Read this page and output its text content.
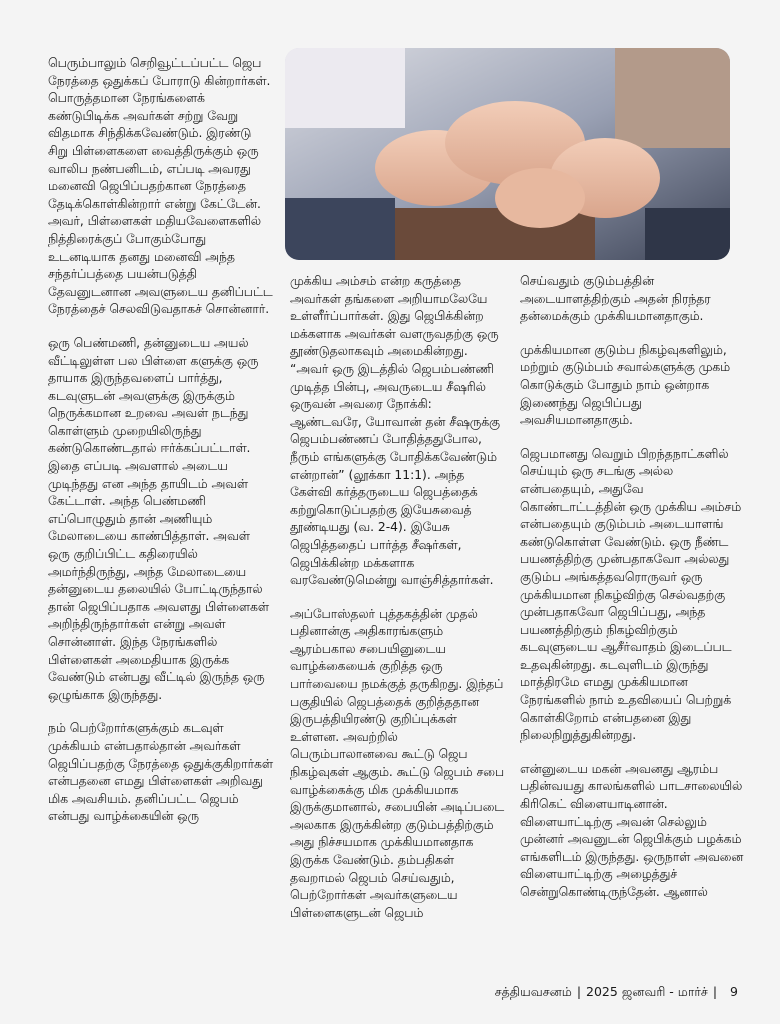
பெரும்பாலும் செறிவூட்டப்பட்ட ஜெப நேரத்தை ஒதுக்கப் போராடு கின்றார்கள். பொருத்தமான நேரங்களைக் கண்டுபிடிக்க அவர்கள் சற்று வேறு விதமாக சிந்திக்கவேண்டும். இரண்டு சிறு பிள்ளைகளை வைத்திருக்கும் ஒரு வாலிப நண்பனிடம், எப்படி அவரது மனைவி ஜெபிப்பதற்கான நேரத்தை தேடிக்கொள்கின்றார் என்று கேட்டேன். அவர், பிள்ளைகள் மதியவேளைகளில் நித்திரைக்குப் போகும்போது உடனடியாக தனது மனைவி அந்த சந்தர்ப்பத்தை பயன்படுத்தி தேவனுடனான அவளுடைய தனிப்பட்ட நேரத்தைச் செலவிடுவதாகச் சொன்னார்.

ஒரு பெண்மணி, தன்னுடைய அயல் வீட்டிலுள்ள பல பிள்ளை களுக்கு ஒரு தாயாக இருந்தவளைப் பார்த்து, கடவுளுடன் அவளுக்கு இருக்கும் நெருக்கமான உறவை அவள் நடந்து கொள்ளும் முறையிலிருந்து கண்டுகொண்டதால் ஈர்க்கப்பட்டாள். இதை எப்படி அவளால் அடைய முடிந்தது என அந்த தாயிடம் அவள் கேட்டாள். அந்த பெண்மணி எப்பொழுதும் தான் அணியும் மேலாடையை காண்பித்தாள். அவள் ஒரு குறிப்பிட்ட கதிரையில் அமர்ந்திருந்து, அந்த மேலாடையை தன்னுடைய தலையில் போட்டிருந்தால் தான் ஜெபிப்பதாக அவளது பிள்ளைகள் அறிந்திருந்தார்கள் என்று அவள் சொன்னாள். இந்த நேரங்களில் பிள்ளைகள் அமைதியாக இருக்க வேண்டும் என்பது வீட்டில் இருந்த ஒரு ஒழுங்காக இருந்தது.

நம் பெற்றோர்களுக்கும் கடவுள் முக்கியம் என்பதால்தான் அவர்கள் ஜெபிப்பதற்கு நேரத்தை ஒதுக்குகிறார்கள் என்பதனை எமது பிள்ளைகள் அறிவது மிக அவசியம். தனிப்பட்ட ஜெபம் என்பது வாழ்க்கையின் ஒரு

முக்கிய அம்சம் என்ற கருத்தை அவர்கள் தங்களை அறியாமலேயே உள்ளீர்ப்பார்கள். இது ஜெபிக்கின்ற மக்களாக அவர்கள் வளருவதற்கு ஒரு தூண்டுதலாகவும் அமைகின்றது. “அவர் ஒரு இடத்தில் ஜெபம்பண்ணி முடித்த பின்பு, அவருடைய சீஷரில் ஒருவன் அவரை நோக்கி: ஆண்டவரே, யோவான் தன் சீஷருக்கு ஜெபம்பண்ணப் போதித்ததுபோல, நீரும் எங்களுக்கு போதிக்கவேண்டும் என்றான்” (லூக்கா 11:1). அந்த கேள்வி கர்த்தருடைய ஜெபத்தைக் கற்றுகொடுப்பதற்கு இயேசுவைத் தூண்டியது (வ. 2-4). இயேசு ஜெபித்ததைப் பார்த்த சீஷர்கள், ஜெபிக்கின்ற மக்களாக வரவேண்டுமென்று வாஞ்சித்தார்கள்.

அப்போஸ்தலர் புத்தகத்தின் முதல் பதினான்கு அதிகாரங்களும் ஆரம்பகால சபையினுடைய வாழ்க்கையைக் குறித்த ஒரு பார்வையை நமக்குத் தருகிறது. இந்தப் பகுதியில் ஜெபத்தைக் குறித்ததான இருபத்தியிரண்டு குறிப்புக்கள் உள்ளன. அவற்றில் பெரும்பாலானவை கூட்டு ஜெப நிகழ்வுகள் ஆகும். கூட்டு ஜெபம் சபை வாழ்க்கைக்கு மிக முக்கியமாக இருக்குமானால், சபையின் அடிப்படை அலகாக இருக்கின்ற குடும்பத்திற்கும் அது நிச்சயமாக முக்கியமானதாக இருக்க வேண்டும். தம்பதிகள் தவறாமல் ஜெபம் செய்வதும், பெற்றோர்கள் அவர்களுடைய பிள்ளைகளுடன் ஜெபம்

செய்வதும் குடும்பத்தின் அடையாளத்திற்கும் அதன் நிரந்தர தன்மைக்கும் முக்கியமானதாகும்.

முக்கியமான குடும்ப நிகழ்வுகளிலும், மற்றும் குடும்பம் சவால்களுக்கு முகம் கொடுக்கும் போதும் நாம் ஒன்றாக இணைந்து ஜெபிப்பது அவசியமானதாகும்.

ஜெபமானது வெறும் பிறந்தநாட்களில் செய்யும் ஒரு சடங்கு அல்ல என்பதையும், அதுவே கொண்டாட்டத்தின் ஒரு முக்கிய அம்சம் என்பதையும் குடும்பம் அடையாளங் கண்டுகொள்ள வேண்டும். ஒரு நீண்ட பயணத்திற்கு முன்பதாகவோ அல்லது குடும்ப அங்கத்தவரொருவர் ஒரு முக்கியமான நிகழ்விற்கு செல்வதற்கு முன்பதாகவோ ஜெபிப்பது, அந்த பயணத்திற்கும் நிகழ்விற்கும் கடவுளுடைய ஆசீர்வாதம் இடைப்பட உதவுகின்றது. கடவுளிடம் இருந்து மாத்திரமே எமது முக்கியமான நேரங்களில் நாம் உதவியைப் பெற்றுக் கொள்கிறோம் என்பதனை இது நிலைநிறுத்துகின்றது.

என்னுடைய மகன் அவனது ஆரம்ப பதின்வயது காலங்களில் பாடசாலையில் கிரிகெட் விளையாடினான். விளையாட்டிற்கு அவன் செல்லும் முன்னர் அவனுடன் ஜெபிக்கும் பழக்கம் எங்களிடம் இருந்தது. ஒருநாள் அவனை விளையாட்டிற்கு அழைத்துச் சென்றுகொண்டிருந்தேன். ஆனால்

சத்தியவசனம் | 2025 ஜனவரி - மார்ச் | 9
